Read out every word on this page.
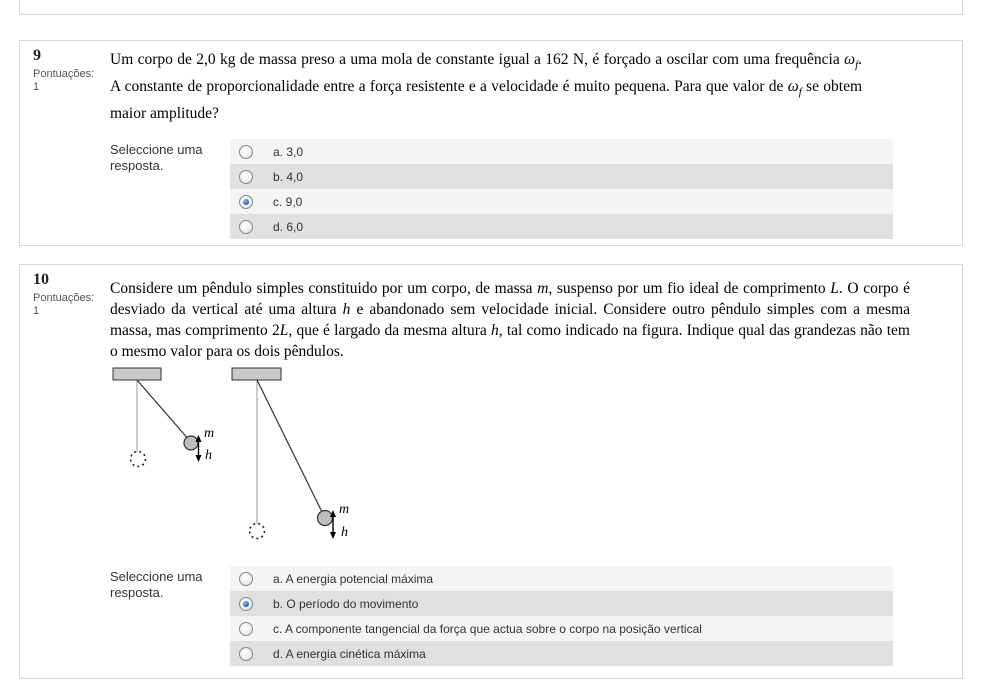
9
Pontuações:
1

Um corpo de 2,0 kg de massa preso a uma mola de constante igual a 162 N, é forçado a oscilar com uma frequência $\omega_f$. A constante de proporcionalidade entre a força resistente e a velocidade é muito pequena. Para que valor de $\omega_f$ se obtem maior amplitude?

Seleccione uma resposta.
a. 3,0
b. 4,0
c. 9,0
d. 6,0
10
Pontuações:
1

Considere um pêndulo simples constituido por um corpo, de massa m, suspenso por um fio ideal de comprimento L. O corpo é desviado da vertical até uma altura h e abandonado sem velocidade inicial. Considere outro pêndulo simples com a mesma massa, mas comprimento 2L, que é largado da mesma altura h, tal como indicado na figura. Indique qual das grandezas não tem o mesmo valor para os dois pêndulos.

m
h
m
h
Seleccione uma resposta.
a. A energia potencial máxima
b. O período do movimento
c. A componente tangencial da força que actua sobre o corpo na posição vertical
d. A energia cinética máxima
